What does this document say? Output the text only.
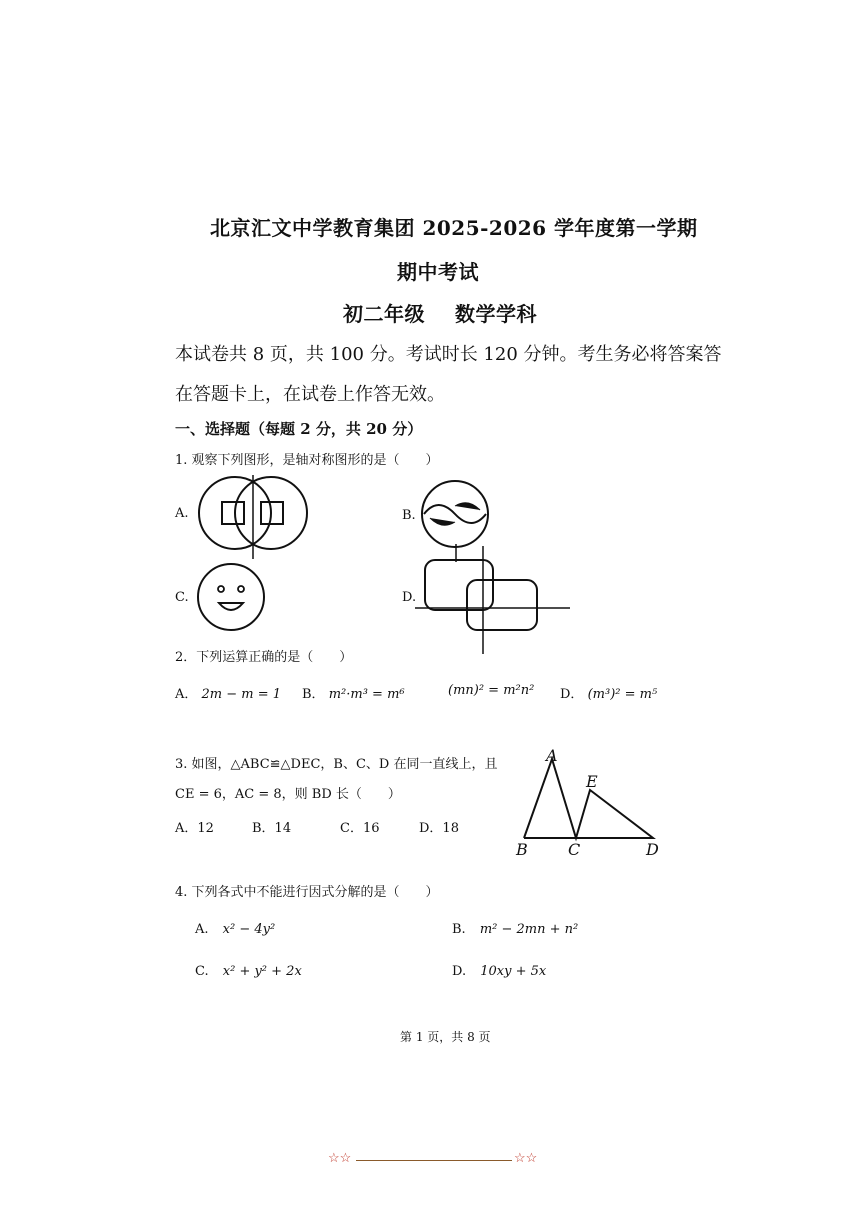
北京汇文中学教育集团 2025-2026 学年度第一学期
期中考试
初二年级 数学学科
本试卷共 8 页，共 100 分。考试时长 120 分钟。考生务必将答案答
在答题卡上，在试卷上作答无效。
一、选择题（每题 2 分，共 20 分）
1. 观察下列图形，是轴对称图形的是（　　）
A.	B.
C.	D.
2．下列运算正确的是（　　）
A． 2m − m = 1 B． m²·m³ = m⁶	(mn)² = m²n² D． (m³)² = m⁵
3. 如图，△ABC≌△DEC，B、C、D 在同一直线上，且
CE = 6，AC = 8，则 BD 长（　　）
A．12	B．14	C．16	D．18
A
E
B	C	D
4. 下列各式中不能进行因式分解的是（　　）
A. x² − 4y²	B. m² − 2mn + n²
C. x² + y² + 2x	D. 10xy + 5x
第 1 页，共 8 页
☆☆	☆☆
